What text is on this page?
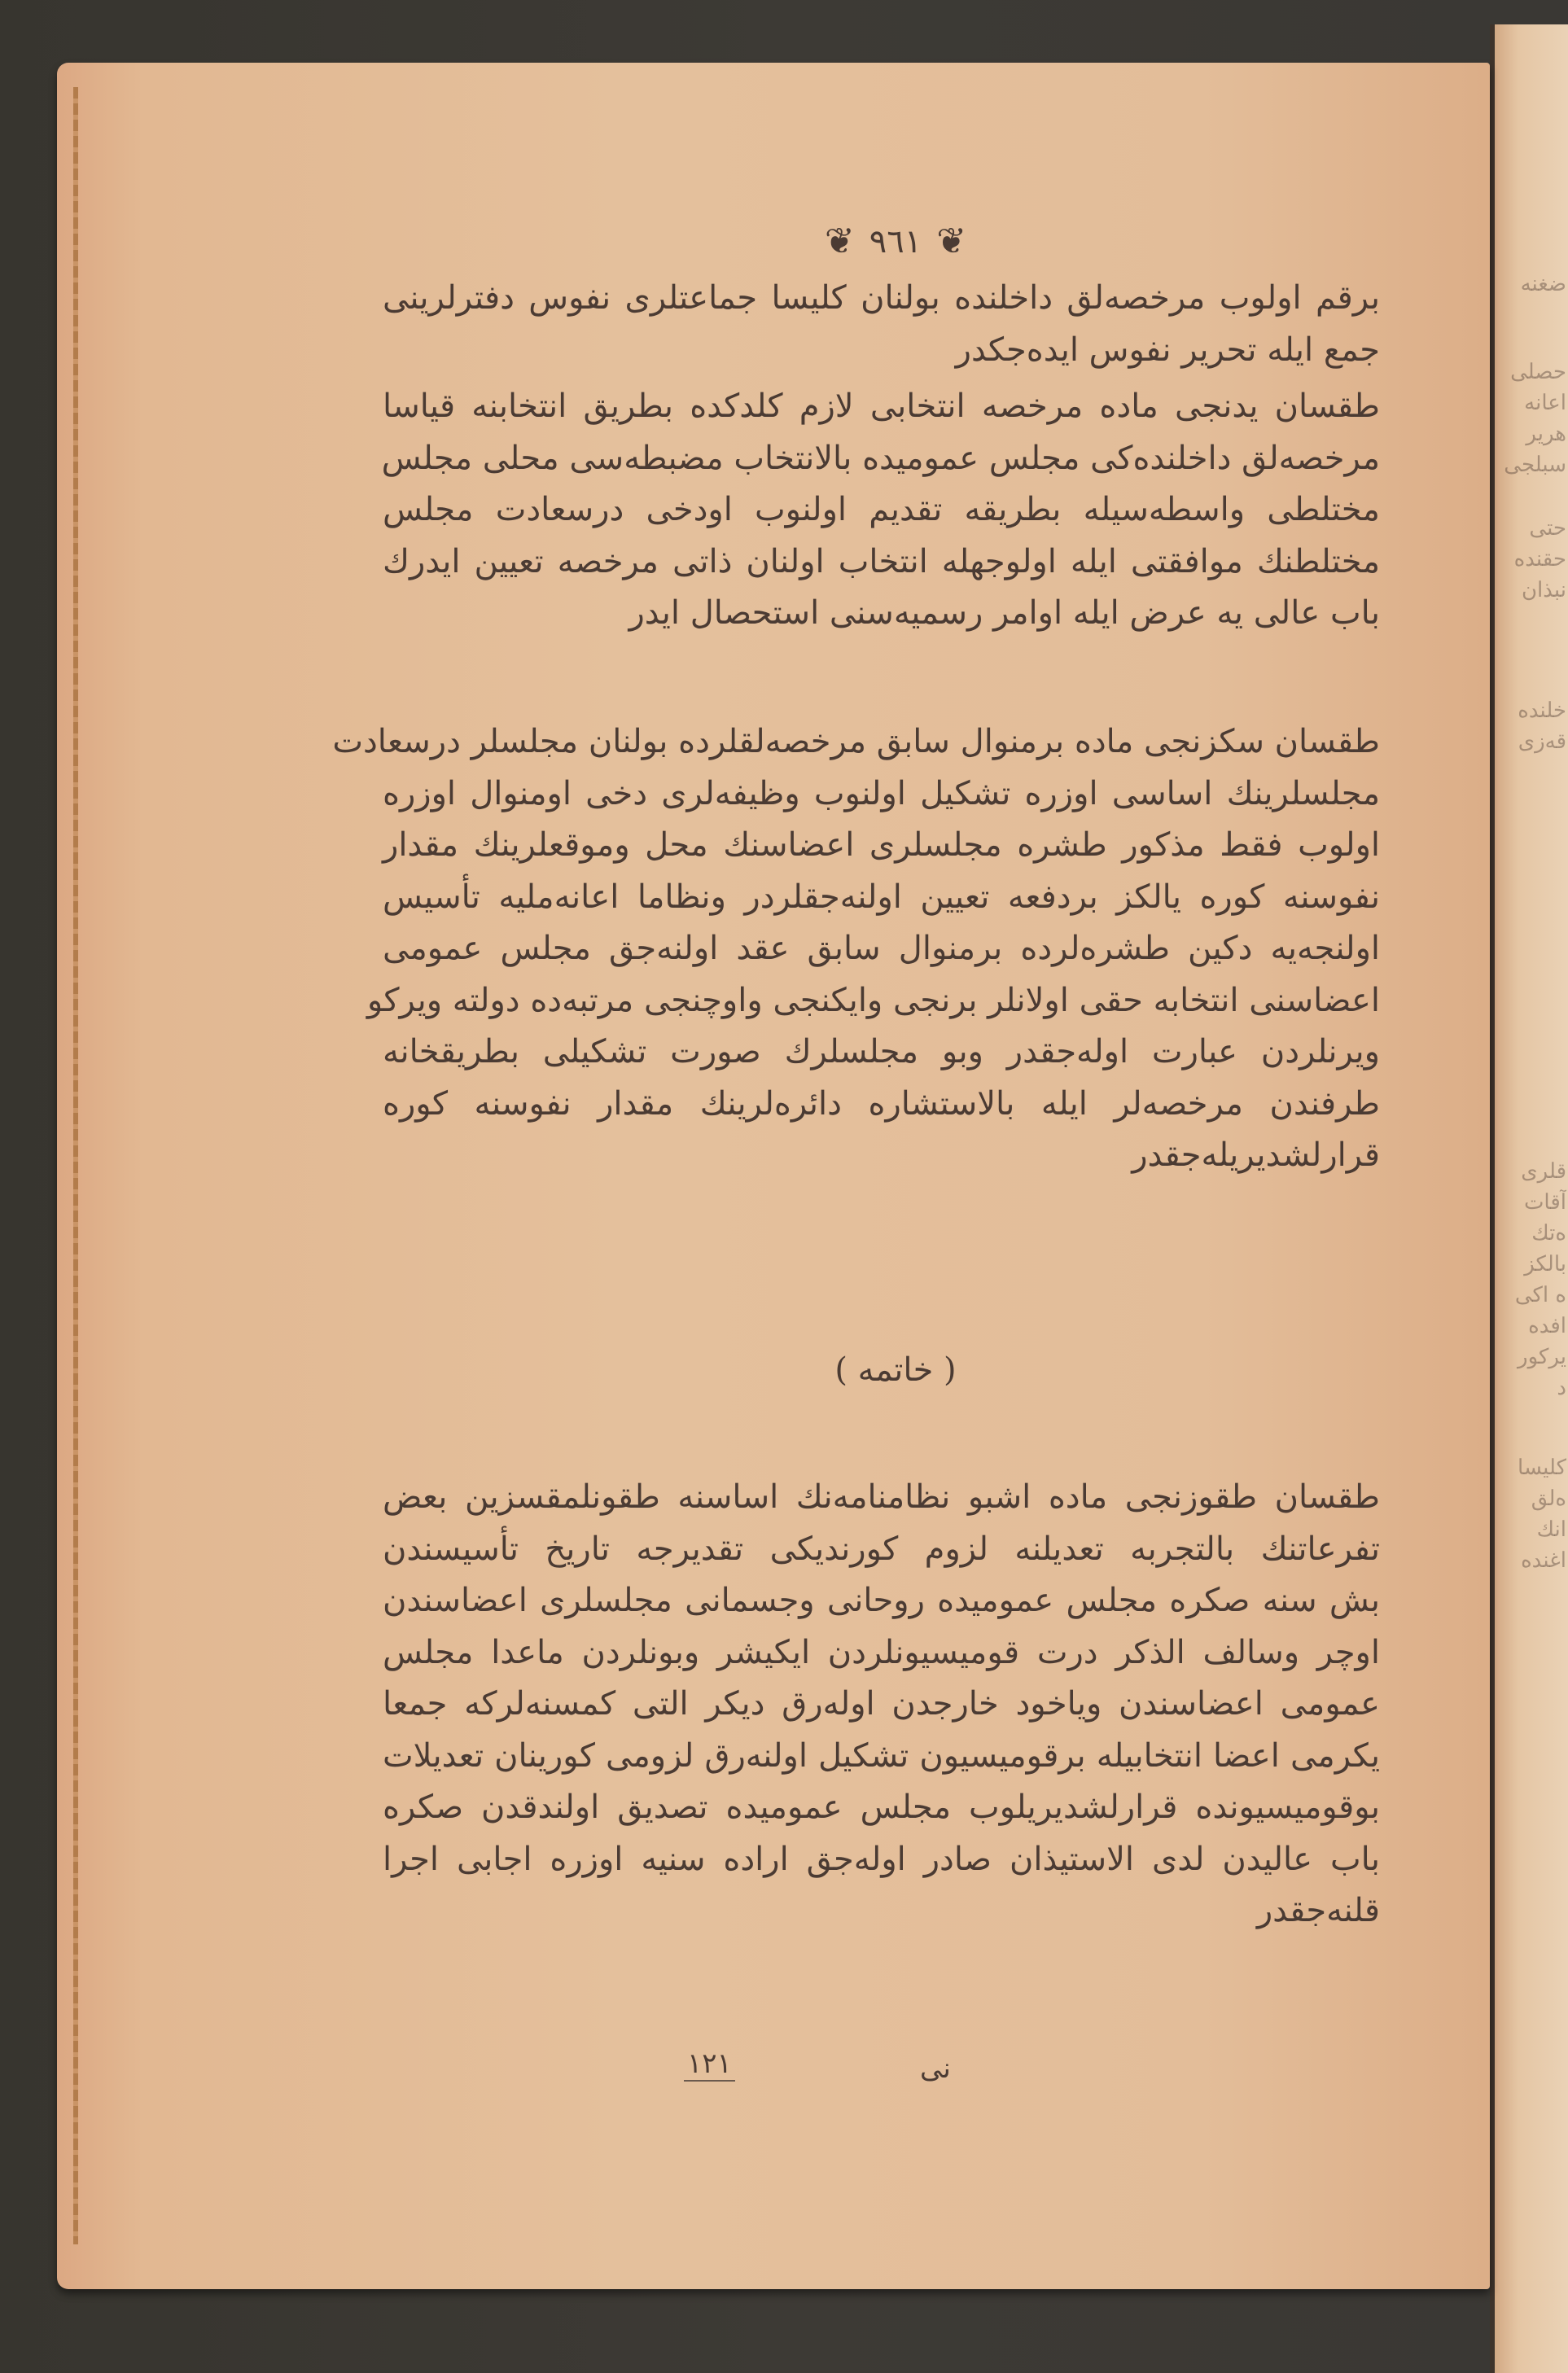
ضغنه
حصلى
اعانه
هرير
سبلجى
حتى
حقنده
نبذان
خلنده
قه‌زى
قلرى
آقات
ه‌تك
بالكز
ه اكى
افده
يركور
د
كليسا
ه‌لق
انك
اغنده
❦ ٩٦١ ❦
برقم اولوب مرخصه‌لق داخلنده بولنان كليسا جماعتلرى نفوس دفترلرينى
جمع ايله تحرير نفوس ايده‌جكدر
طقسان يدنجى ماده مرخصه انتخابى لازم كلدكده بطريق انتخابنه قياسا
مرخصه‌لق داخلنده‌كى مجلس عموميده بالانتخاب مضبطه‌سى محلى مجلس
مختلطى واسطه‌سيله بطريقه تقديم اولنوب اودخى درسعادت مجلس
مختلطنك موافقتى ايله اولوجهله انتخاب اولنان ذاتى مرخصه تعيين ايدرك
باب عالى يه عرض ايله اوامر رسميه‌سنى استحصال ايدر
طقسان سكزنجى ماده برمنوال سابق مرخصه‌لقلرده بولنان مجلسلر درسعادت
مجلسلرينك اساسى اوزره تشكيل اولنوب وظيفه‌لرى دخى اومنوال اوزره
اولوب فقط مذكور طشره مجلسلرى اعضاسنك محل وموقعلرينك مقدار
نفوسنه كوره يالكز بردفعه تعيين اولنه‌جقلردر ونظاما اعانه‌مليه تأسيس
اولنجه‌يه دكين طشره‌لرده برمنوال سابق عقد اولنه‌جق مجلس عمومى
اعضاسنى انتخابه حقى اولانلر برنجى وايكنجى واوچنجى مرتبه‌ده دولته ويركو
ويرنلردن عبارت اوله‌جقدر وبو مجلسلرك صورت تشكيلى بطريقخانه
طرفندن مرخصه‌لر ايله بالاستشاره دائره‌لرينك مقدار نفوسنه كوره
قرارلشديريله‌جقدر
( خاتمه )
طقسان طقوزنجى ماده اشبو نظامنامه‌نك اساسنه طقونلمقسزين بعض
تفرعاتنك بالتجربه تعديلنه لزوم كورنديكى تقديرجه تاريخ تأسيسندن
بش سنه صكره مجلس عموميده روحانى وجسمانى مجلسلرى اعضاسندن
اوچر وسالف الذكر درت قوميسيونلردن ايكيشر وبونلردن ماعدا مجلس
عمومى اعضاسندن وياخود خارجدن اوله‌رق ديكر التى كمسنه‌لركه جمعا
يكرمى اعضا انتخابيله برقوميسيون تشكيل اولنه‌رق لزومى كورينان تعديلات
بوقوميسيونده قرارلشديريلوب مجلس عموميده تصديق اولندقدن صكره
باب عاليدن لدى الاستيذان صادر اوله‌جق اراده سنيه اوزره اجابى اجرا
قلنه‌جقدر
١٢١	نى
